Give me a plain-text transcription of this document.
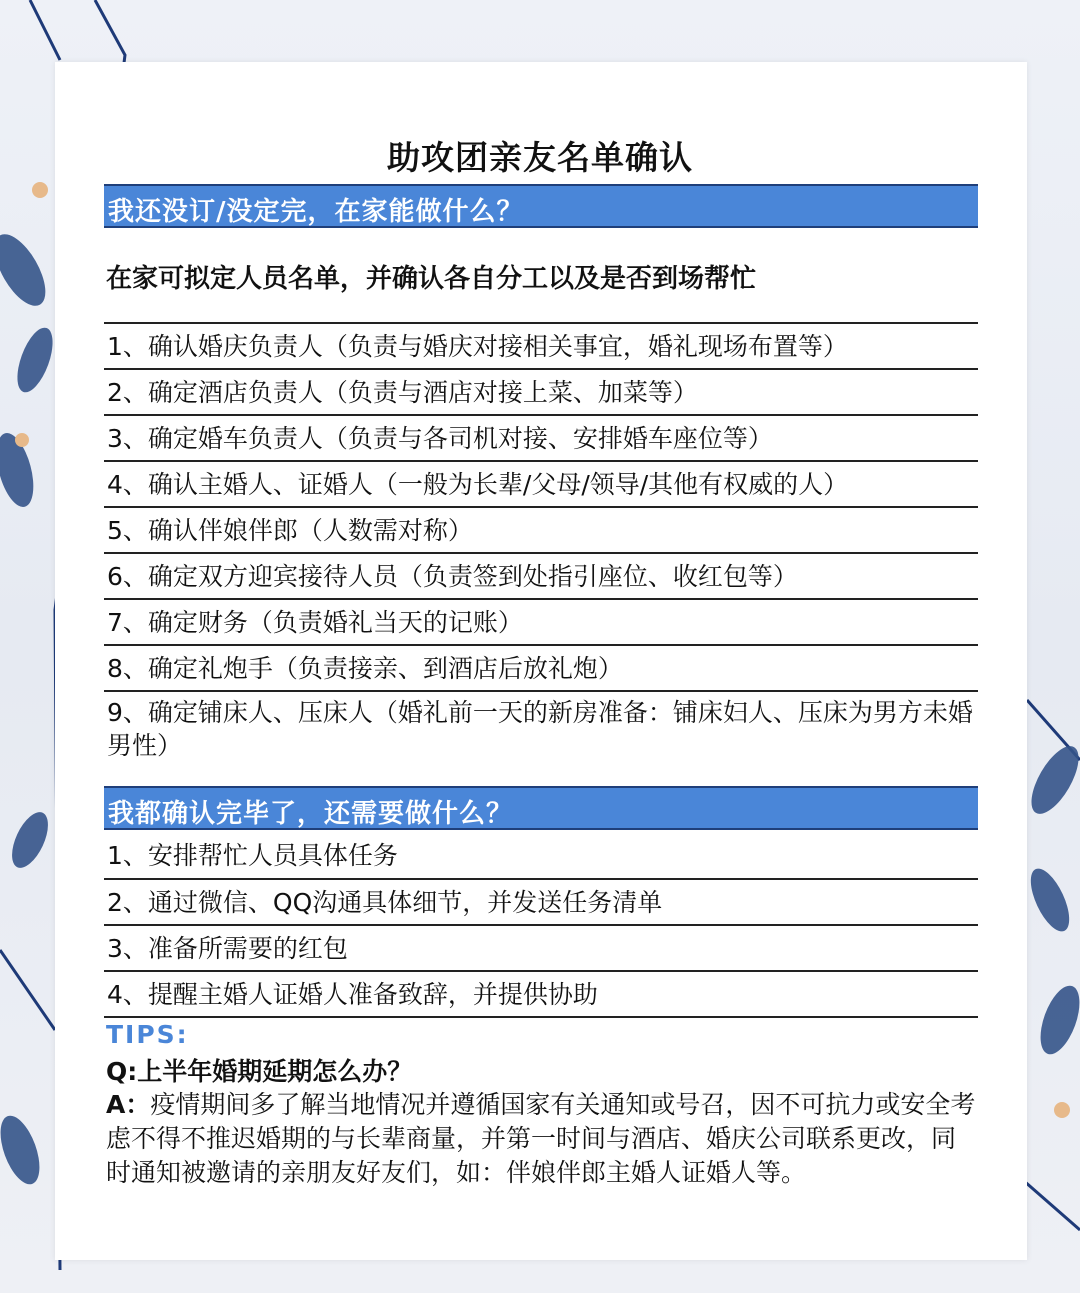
助攻团亲友名单确认
我还没订/没定完，在家能做什么？
在家可拟定人员名单，并确认各自分工以及是否到场帮忙
1、确认婚庆负责人（负责与婚庆对接相关事宜，婚礼现场布置等）
2、确定酒店负责人（负责与酒店对接上菜、加菜等）
3、确定婚车负责人（负责与各司机对接、安排婚车座位等）
4、确认主婚人、证婚人（一般为长辈/父母/领导/其他有权威的人）
5、确认伴娘伴郎（人数需对称）
6、确定双方迎宾接待人员（负责签到处指引座位、收红包等）
7、确定财务（负责婚礼当天的记账）
8、确定礼炮手（负责接亲、到酒店后放礼炮）
9、确定铺床人、压床人（婚礼前一天的新房准备：铺床妇人、压床为男方未婚男性）
我都确认完毕了，还需要做什么？
1、安排帮忙人员具体任务
2、通过微信、QQ沟通具体细节，并发送任务清单
3、准备所需要的红包
4、提醒主婚人证婚人准备致辞，并提供协助
TIPS:
Q:上半年婚期延期怎么办？
A：疫情期间多了解当地情况并遵循国家有关通知或号召，因不可抗力或安全考虑不得不推迟婚期的与长辈商量，并第一时间与酒店、婚庆公司联系更改，同时通知被邀请的亲朋友好友们，如：伴娘伴郎主婚人证婚人等。
